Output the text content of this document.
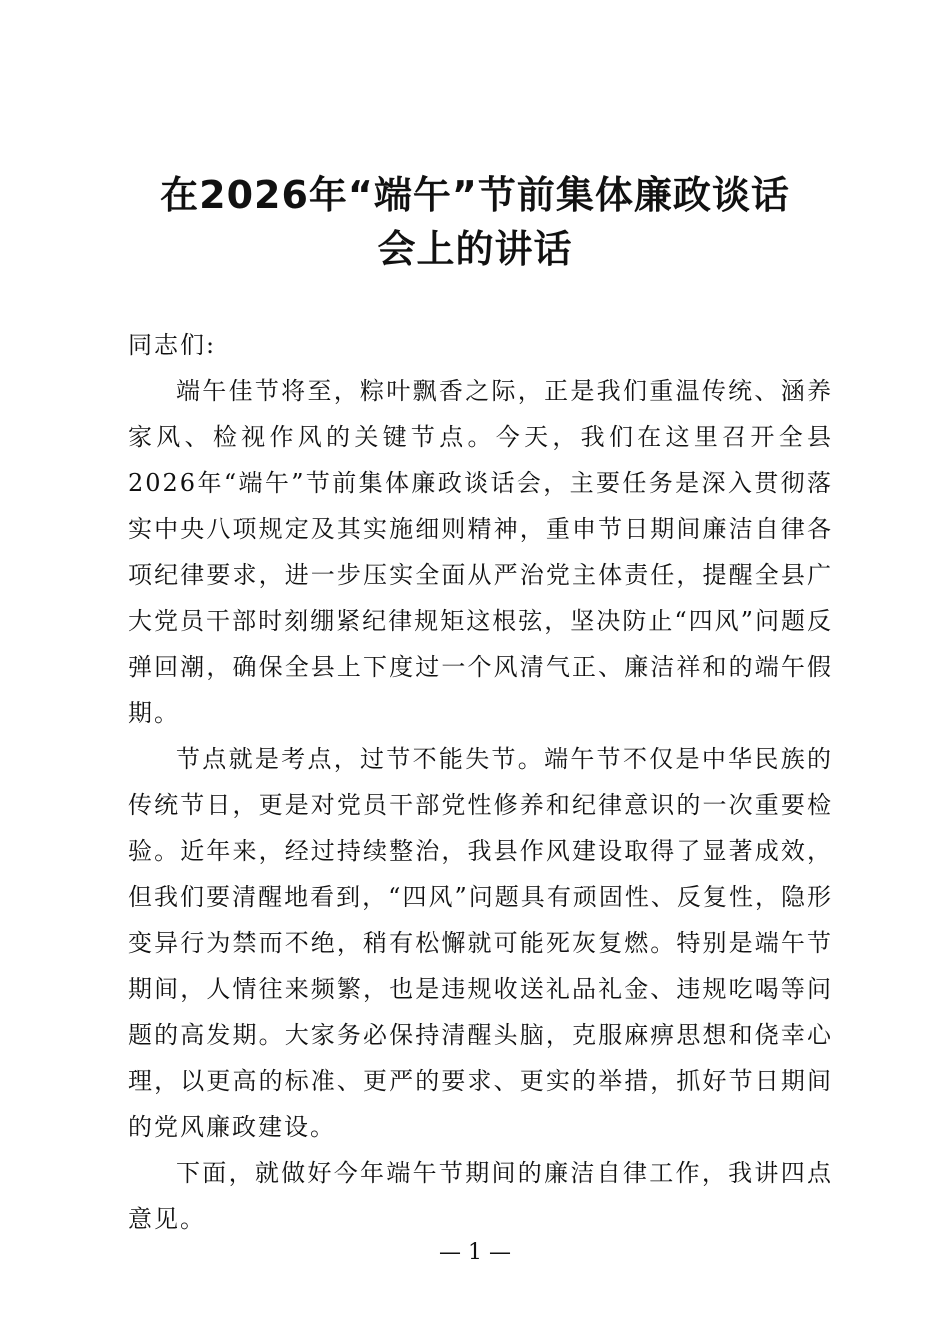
在2026年“端午”节前集体廉政谈话
会上的讲话

同志们:

端午佳节将至，粽叶飘香之际，正是我们重温传统、涵养家风、检视作风的关键节点。今天，我们在这里召开全县2026年“端午”节前集体廉政谈话会，主要任务是深入贯彻落实中央八项规定及其实施细则精神，重申节日期间廉洁自律各项纪律要求，进一步压实全面从严治党主体责任，提醒全县广大党员干部时刻绷紧纪律规矩这根弦，坚决防止“四风”问题反弹回潮，确保全县上下度过一个风清气正、廉洁祥和的端午假期。

节点就是考点，过节不能失节。端午节不仅是中华民族的传统节日，更是对党员干部党性修养和纪律意识的一次重要检验。近年来，经过持续整治，我县作风建设取得了显著成效，但我们要清醒地看到，“四风”问题具有顽固性、反复性，隐形变异行为禁而不绝，稍有松懈就可能死灰复燃。特别是端午节期间，人情往来频繁，也是违规收送礼品礼金、违规吃喝等问题的高发期。大家务必保持清醒头脑，克服麻痹思想和侥幸心理，以更高的标准、更严的要求、更实的举措，抓好节日期间的党风廉政建设。

下面，就做好今年端午节期间的廉洁自律工作，我讲四点意见。

— 1 —
